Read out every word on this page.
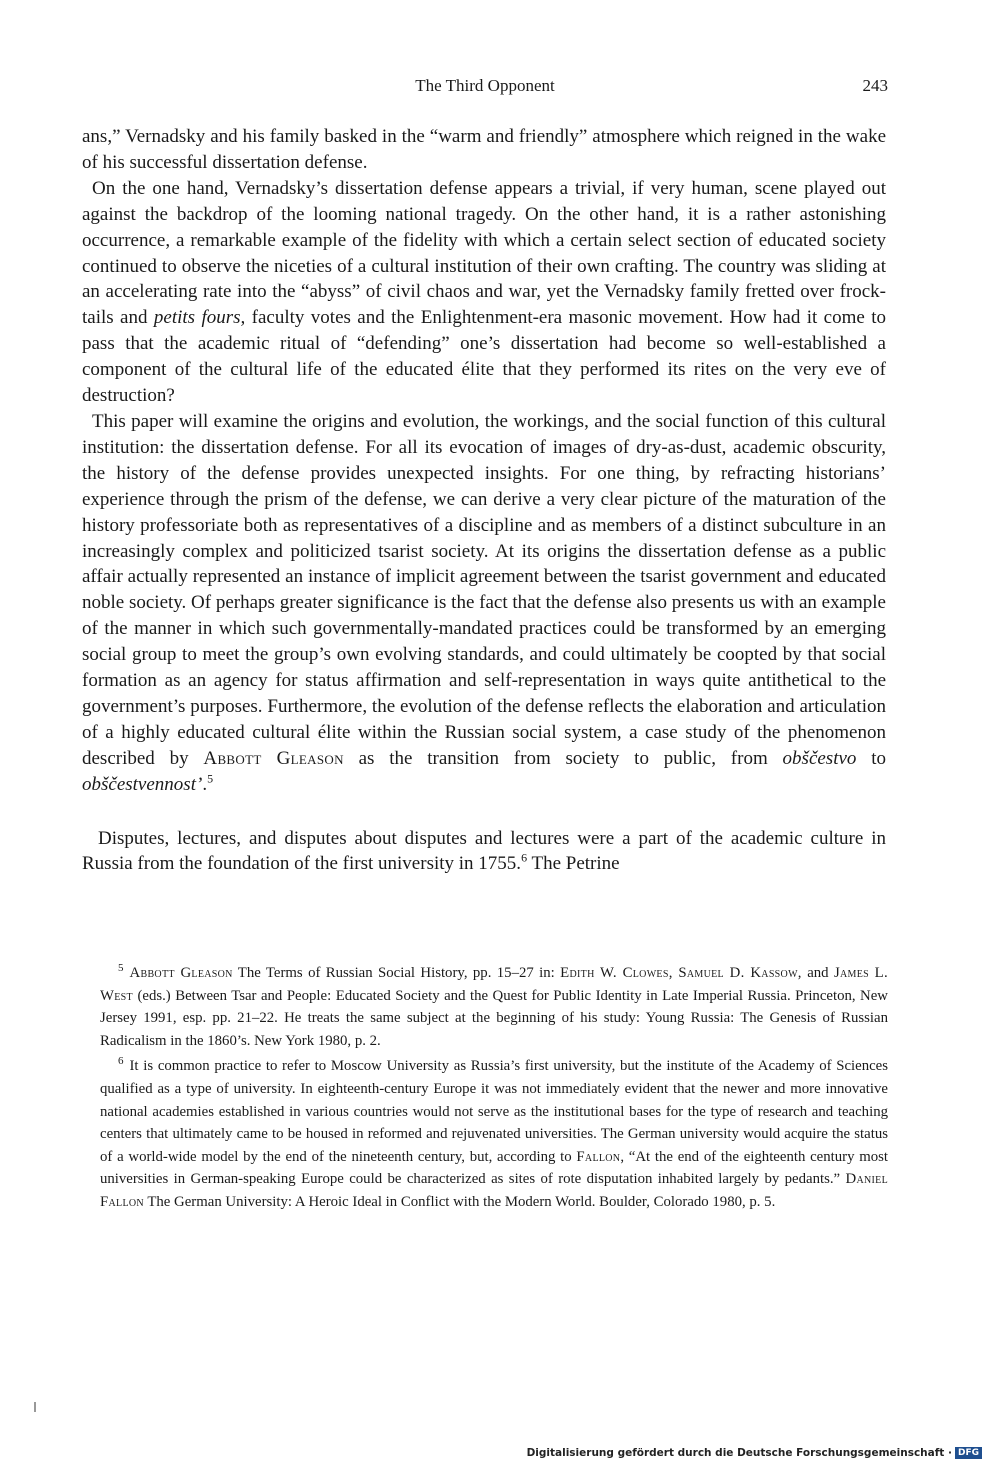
The Third Opponent	243

ans,” Vernadsky and his family basked in the “warm and friendly” atmosphere which reigned in the wake of his successful dissertation defense.

On the one hand, Vernadsky’s dissertation defense appears a trivial, if very human, scene played out against the backdrop of the looming national tragedy. On the other hand, it is a rather astonishing occurrence, a remarkable example of the fidelity with which a certain select section of educated society continued to observe the niceties of a cultural institution of their own crafting. The country was sliding at an accelerating rate into the “abyss” of civil chaos and war, yet the Vernadsky family fretted over frock-tails and petits fours, faculty votes and the Enlightenment-era masonic movement. How had it come to pass that the academic ritual of “defending” one’s dissertation had become so well-established a component of the cultural life of the educated élite that they performed its rites on the very eve of destruction?

This paper will examine the origins and evolution, the workings, and the social function of this cultural institution: the dissertation defense. For all its evocation of images of dry-as-dust, academic obscurity, the history of the defense provides unexpected insights. For one thing, by refracting historians’ experience through the prism of the defense, we can derive a very clear picture of the maturation of the history professoriate both as representatives of a discipline and as members of a distinct subculture in an increasingly complex and politicized tsarist society. At its origins the dissertation defense as a public affair actually represented an instance of implicit agreement between the tsarist government and educated noble society. Of perhaps greater significance is the fact that the defense also presents us with an example of the manner in which such governmentally-mandated practices could be transformed by an emerging social group to meet the group’s own evolving standards, and could ultimately be coopted by that social formation as an agency for status affirmation and self-representation in ways quite antithetical to the government’s purposes. Furthermore, the evolution of the defense reflects the elaboration and articulation of a highly educated cultural élite within the Russian social system, a case study of the phenomenon described by Abbott Gleason as the transition from society to public, from obščestvo to obščestvennost’.$^5$

Disputes, lectures, and disputes about disputes and lectures were a part of the academic culture in Russia from the foundation of the first university in 1755.$^6$ The Petrine

$^5$ Abbott Gleason The Terms of Russian Social History, pp. 15–27 in: Edith W. Clowes, Samuel D. Kassow, and James L. West (eds.) Between Tsar and People: Educated Society and the Quest for Public Identity in Late Imperial Russia. Princeton, New Jersey 1991, esp. pp. 21–22. He treats the same subject at the beginning of his study: Young Russia: The Genesis of Russian Radicalism in the 1860’s. New York 1980, p. 2.

$^6$ It is common practice to refer to Moscow University as Russia’s first university, but the institute of the Academy of Sciences qualified as a type of university. In eighteenth-century Europe it was not immediately evident that the newer and more innovative national academies established in various countries would not serve as the institutional bases for the type of research and teaching centers that ultimately came to be housed in reformed and rejuvenated universities. The German university would acquire the status of a world-wide model by the end of the nineteenth century, but, according to Fallon, “At the end of the eighteenth century most universities in German-speaking Europe could be characterized as sites of rote disputation inhabited largely by pedants.” Daniel Fallon The German University: A Heroic Ideal in Conflict with the Modern World. Boulder, Colorado 1980, p. 5.

Digitalisierung gefördert durch die Deutsche Forschungsgemeinschaft · DFG
